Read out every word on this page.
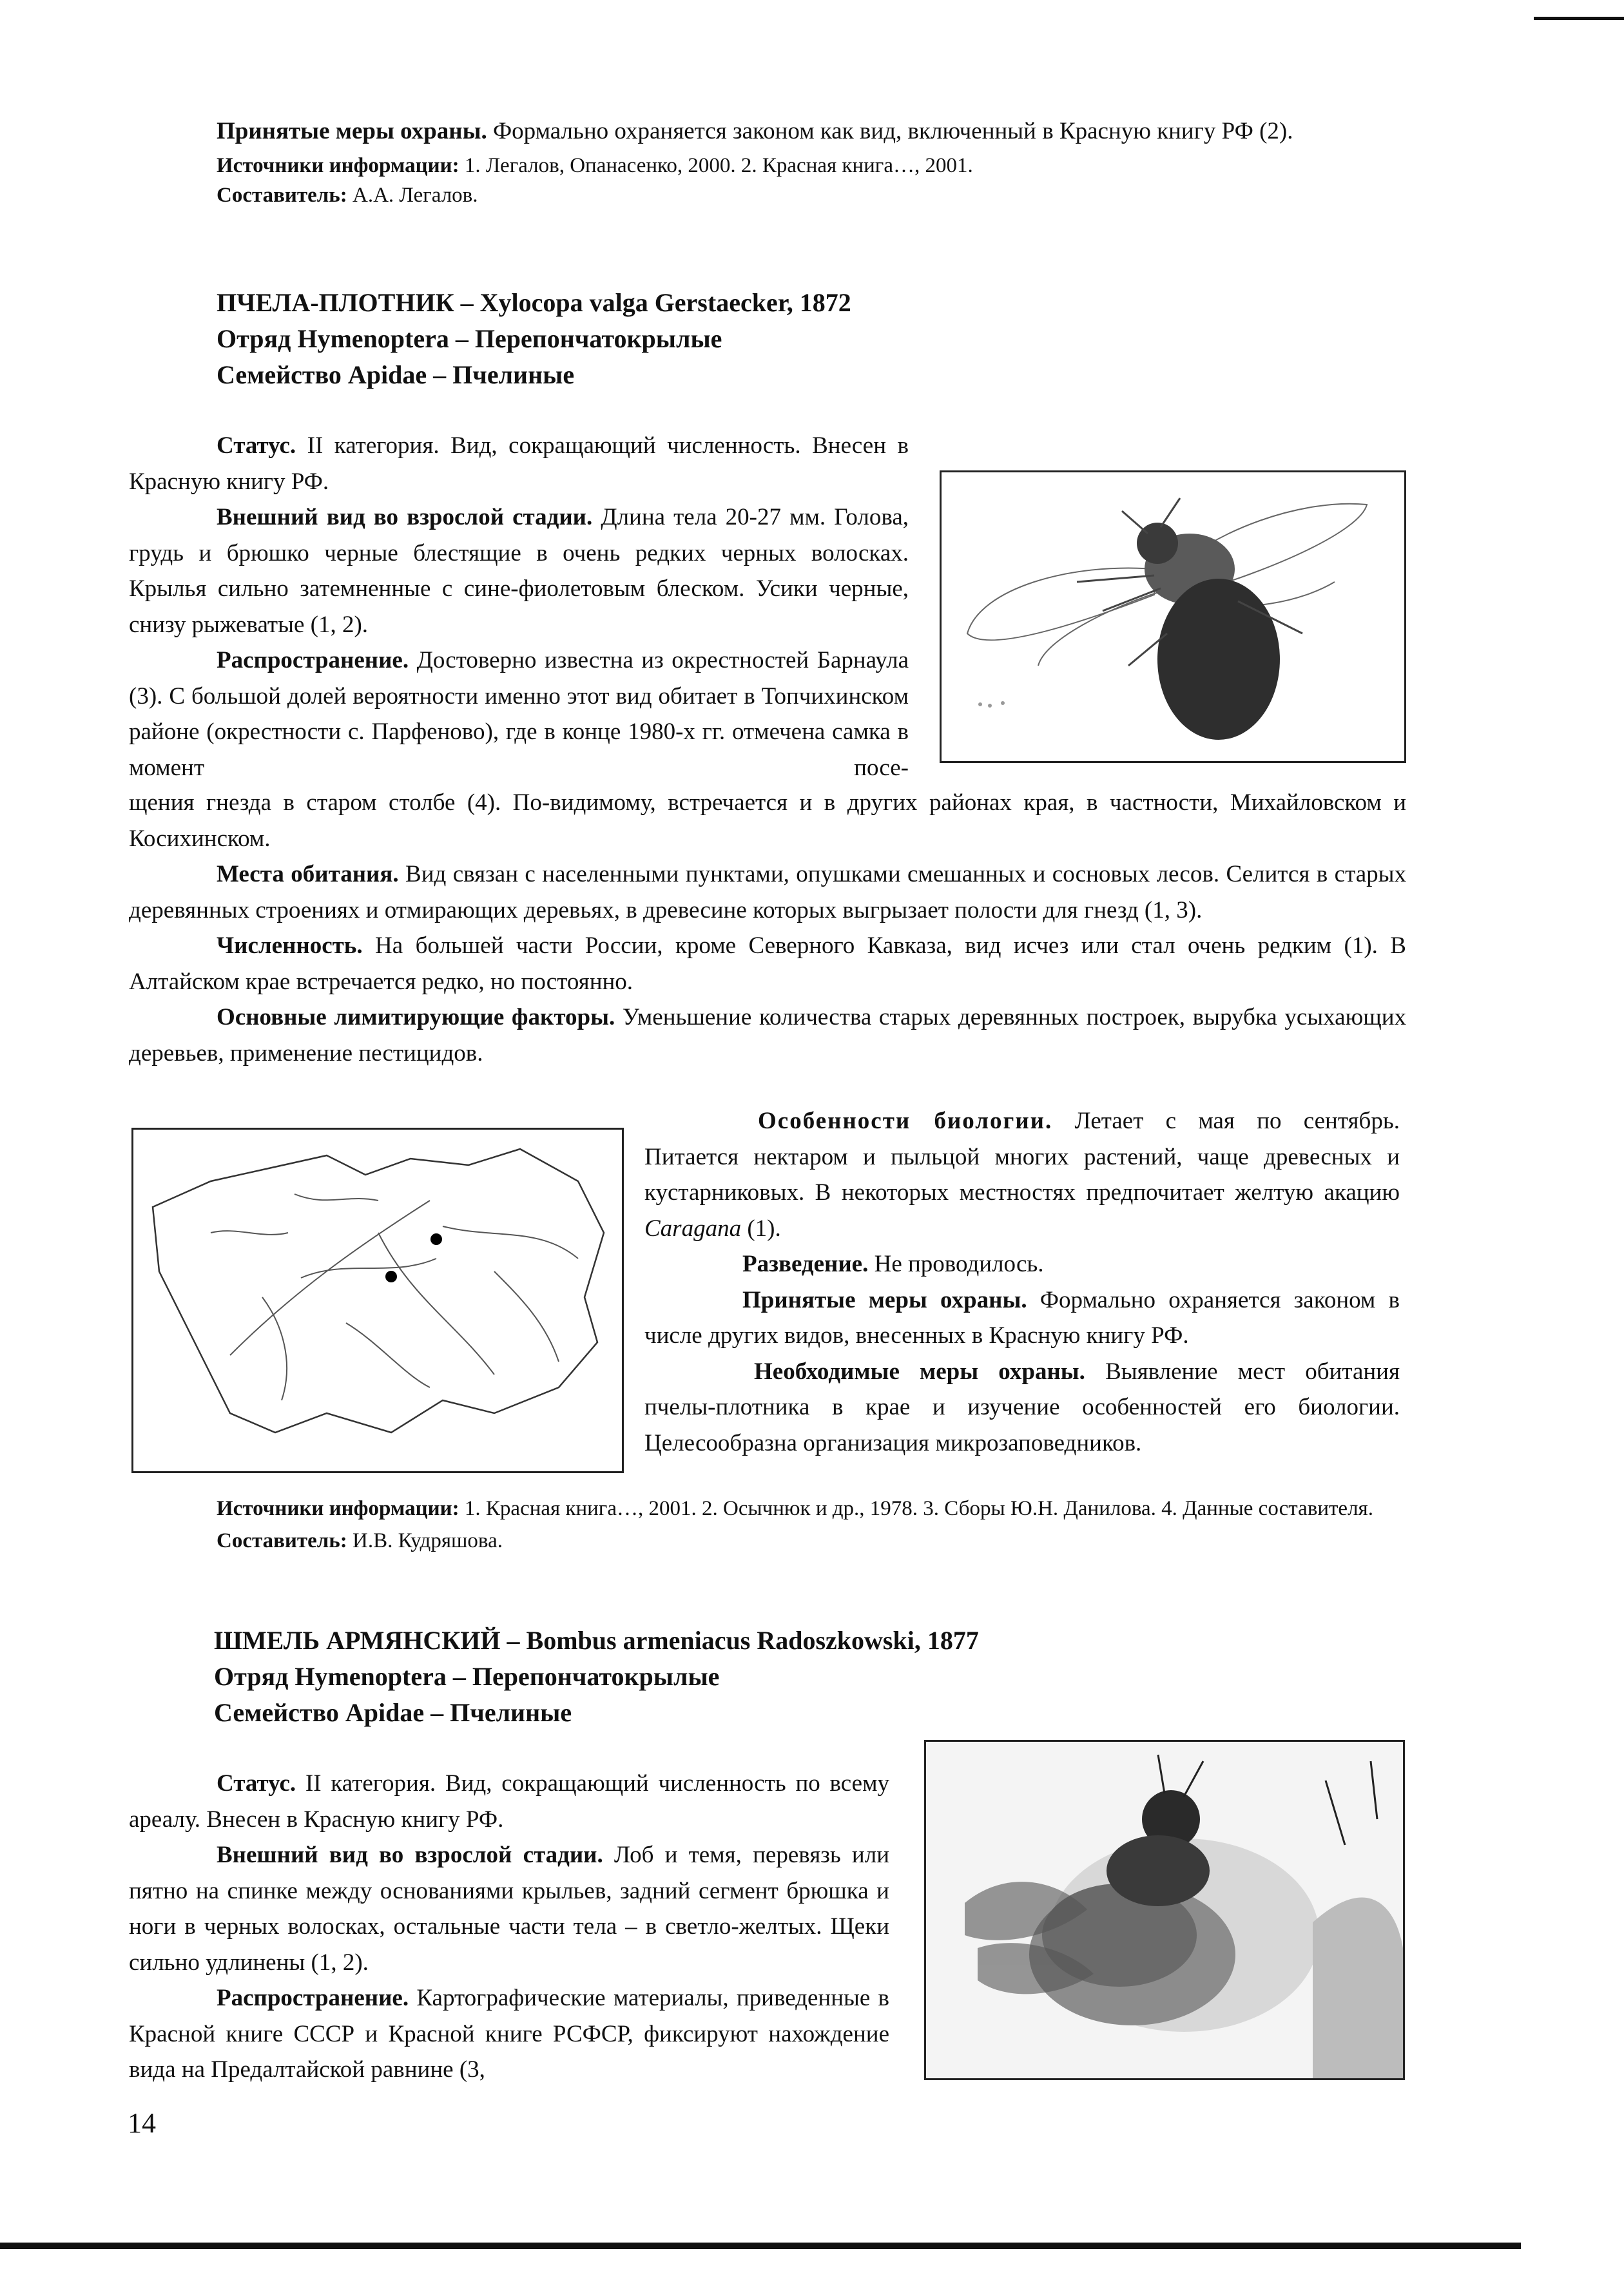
Принятые меры охраны. Формально охраняется законом как вид, включенный в Красную книгу РФ (2).

Источники информации: 1. Легалов, Опанасенко, 2000. 2. Красная книга…, 2001.

Составитель: А.А. Легалов.

ПЧЕЛА-ПЛОТНИК – Xylocopa valga Gerstaecker, 1872
Отряд Hymenoptera – Перепончатокрылые
Семейство Apidae – Пчелиные

Статус. II категория. Вид, сокращающий численность. Внесен в Красную книгу РФ.

Внешний вид во взрослой стадии. Длина тела 20-27 мм. Голова, грудь и брюшко черные блестящие в очень редких черных волосках. Крылья сильно затемненные с сине-фиолетовым блеском. Усики черные, снизу рыжеватые (1, 2).

Распространение. Достоверно известна из окрестностей Барнаула (3). С большой долей вероятности именно этот вид обитает в Топчихинском районе (окрестности с. Парфеново), где в конце 1980-х гг. отмечена самка в момент посе-

щения гнезда в старом столбе (4). По-видимому, встречается и в других районах края, в частности, Михайловском и Косихинском.

Места обитания. Вид связан с населенными пунктами, опушками смешанных и сосновых лесов. Селится в старых деревянных строениях и отмирающих деревьях, в древесине которых выгрызает полости для гнезд (1, 3).

Численность. На большей части России, кроме Северного Кавказа, вид исчез или стал очень редким (1). В Алтайском крае встречается редко, но постоянно.

Основные лимитирующие факторы. Уменьшение количества старых деревянных построек, вырубка усыхающих деревьев, применение пестицидов.

Особенности биологии. Летает с мая по сентябрь. Питается нектаром и пыльцой многих растений, чаще древесных и кустарниковых. В некоторых местностях предпочитает желтую акацию Caragana (1).

Разведение. Не проводилось.

Принятые меры охраны. Формально охраняется законом в числе других видов, внесенных в Красную книгу РФ.

Необходимые меры охраны. Выявление мест обитания пчелы-плотника в крае и изучение особенностей его биологии. Целесообразна организация микрозаповедников.

Источники информации: 1. Красная книга…, 2001. 2. Осычнюк и др., 1978. 3. Сборы Ю.Н. Данилова. 4. Данные составителя.

Составитель: И.В. Кудряшова.

ШМЕЛЬ АРМЯНСКИЙ – Bombus armeniacus Radoszkowski, 1877
Отряд Hymenoptera – Перепончатокрылые
Семейство Apidae – Пчелиные

Статус. II категория. Вид, сокращающий численность по всему ареалу. Внесен в Красную книгу РФ.

Внешний вид во взрослой стадии. Лоб и темя, перевязь или пятно на спинке между основаниями крыльев, задний сегмент брюшка и ноги в черных волосках, остальные части тела – в светло-желтых. Щеки сильно удлинены (1, 2).

Распространение. Картографические материалы, приведенные в Красной книге СССР и Красной книге РСФСР, фиксируют нахождение вида на Предалтайской равнине (3,

14
